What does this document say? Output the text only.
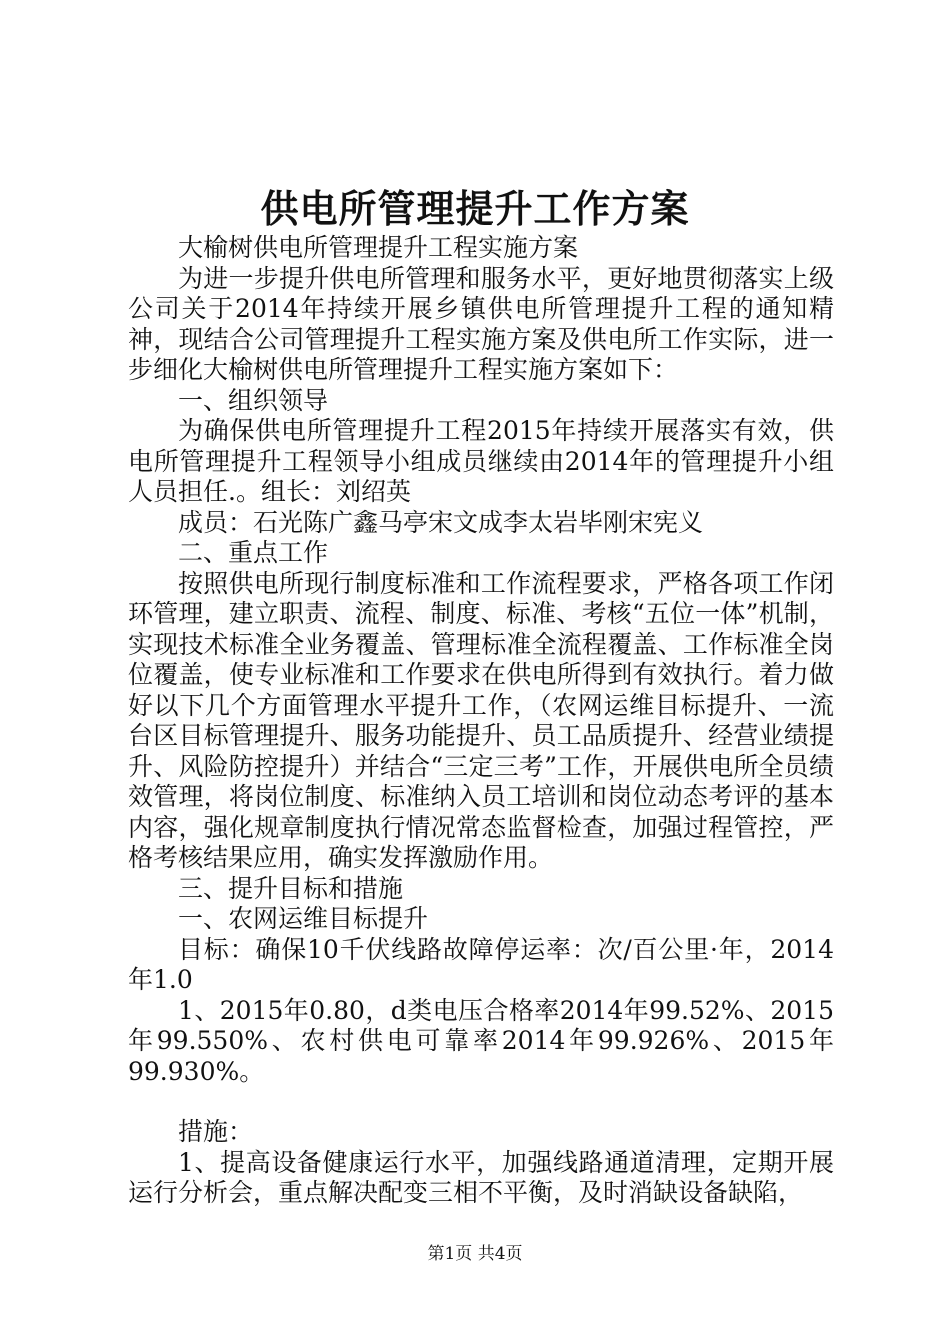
供电所管理提升工作方案

大榆树供电所管理提升工程实施方案

为进一步提升供电所管理和服务水平，更好地贯彻落实上级公司关于2014年持续开展乡镇供电所管理提升工程的通知精神，现结合公司管理提升工程实施方案及供电所工作实际，进一步细化大榆树供电所管理提升工程实施方案如下：

一、组织领导

为确保供电所管理提升工程2015年持续开展落实有效，供电所管理提升工程领导小组成员继续由2014年的管理提升小组人员担任.。组长：刘绍英

成员：石光陈广鑫马亭宋文成李太岩毕刚宋宪义

二、重点工作

按照供电所现行制度标准和工作流程要求，严格各项工作闭环管理，建立职责、流程、制度、标准、考核“五位一体”机制，实现技术标准全业务覆盖、管理标准全流程覆盖、工作标准全岗位覆盖，使专业标准和工作要求在供电所得到有效执行。着力做好以下几个方面管理水平提升工作，（农网运维目标提升、一流台区目标管理提升、服务功能提升、员工品质提升、经营业绩提升、风险防控提升）并结合“三定三考”工作，开展供电所全员绩效管理，将岗位制度、标准纳入员工培训和岗位动态考评的基本内容，强化规章制度执行情况常态监督检查，加强过程管控，严格考核结果应用，确实发挥激励作用。

三、提升目标和措施

一、农网运维目标提升

目标：确保10千伏线路故障停运率：次/百公里·年，2014年1.0

1、2015年0.80，d类电压合格率2014年99.52%、2015年99.550%、农村供电可靠率2014年99.926%、2015年99.930%。

措施：

1、提高设备健康运行水平，加强线路通道清理，定期开展运行分析会，重点解决配变三相不平衡，及时消缺设备缺陷，

第1页 共4页
